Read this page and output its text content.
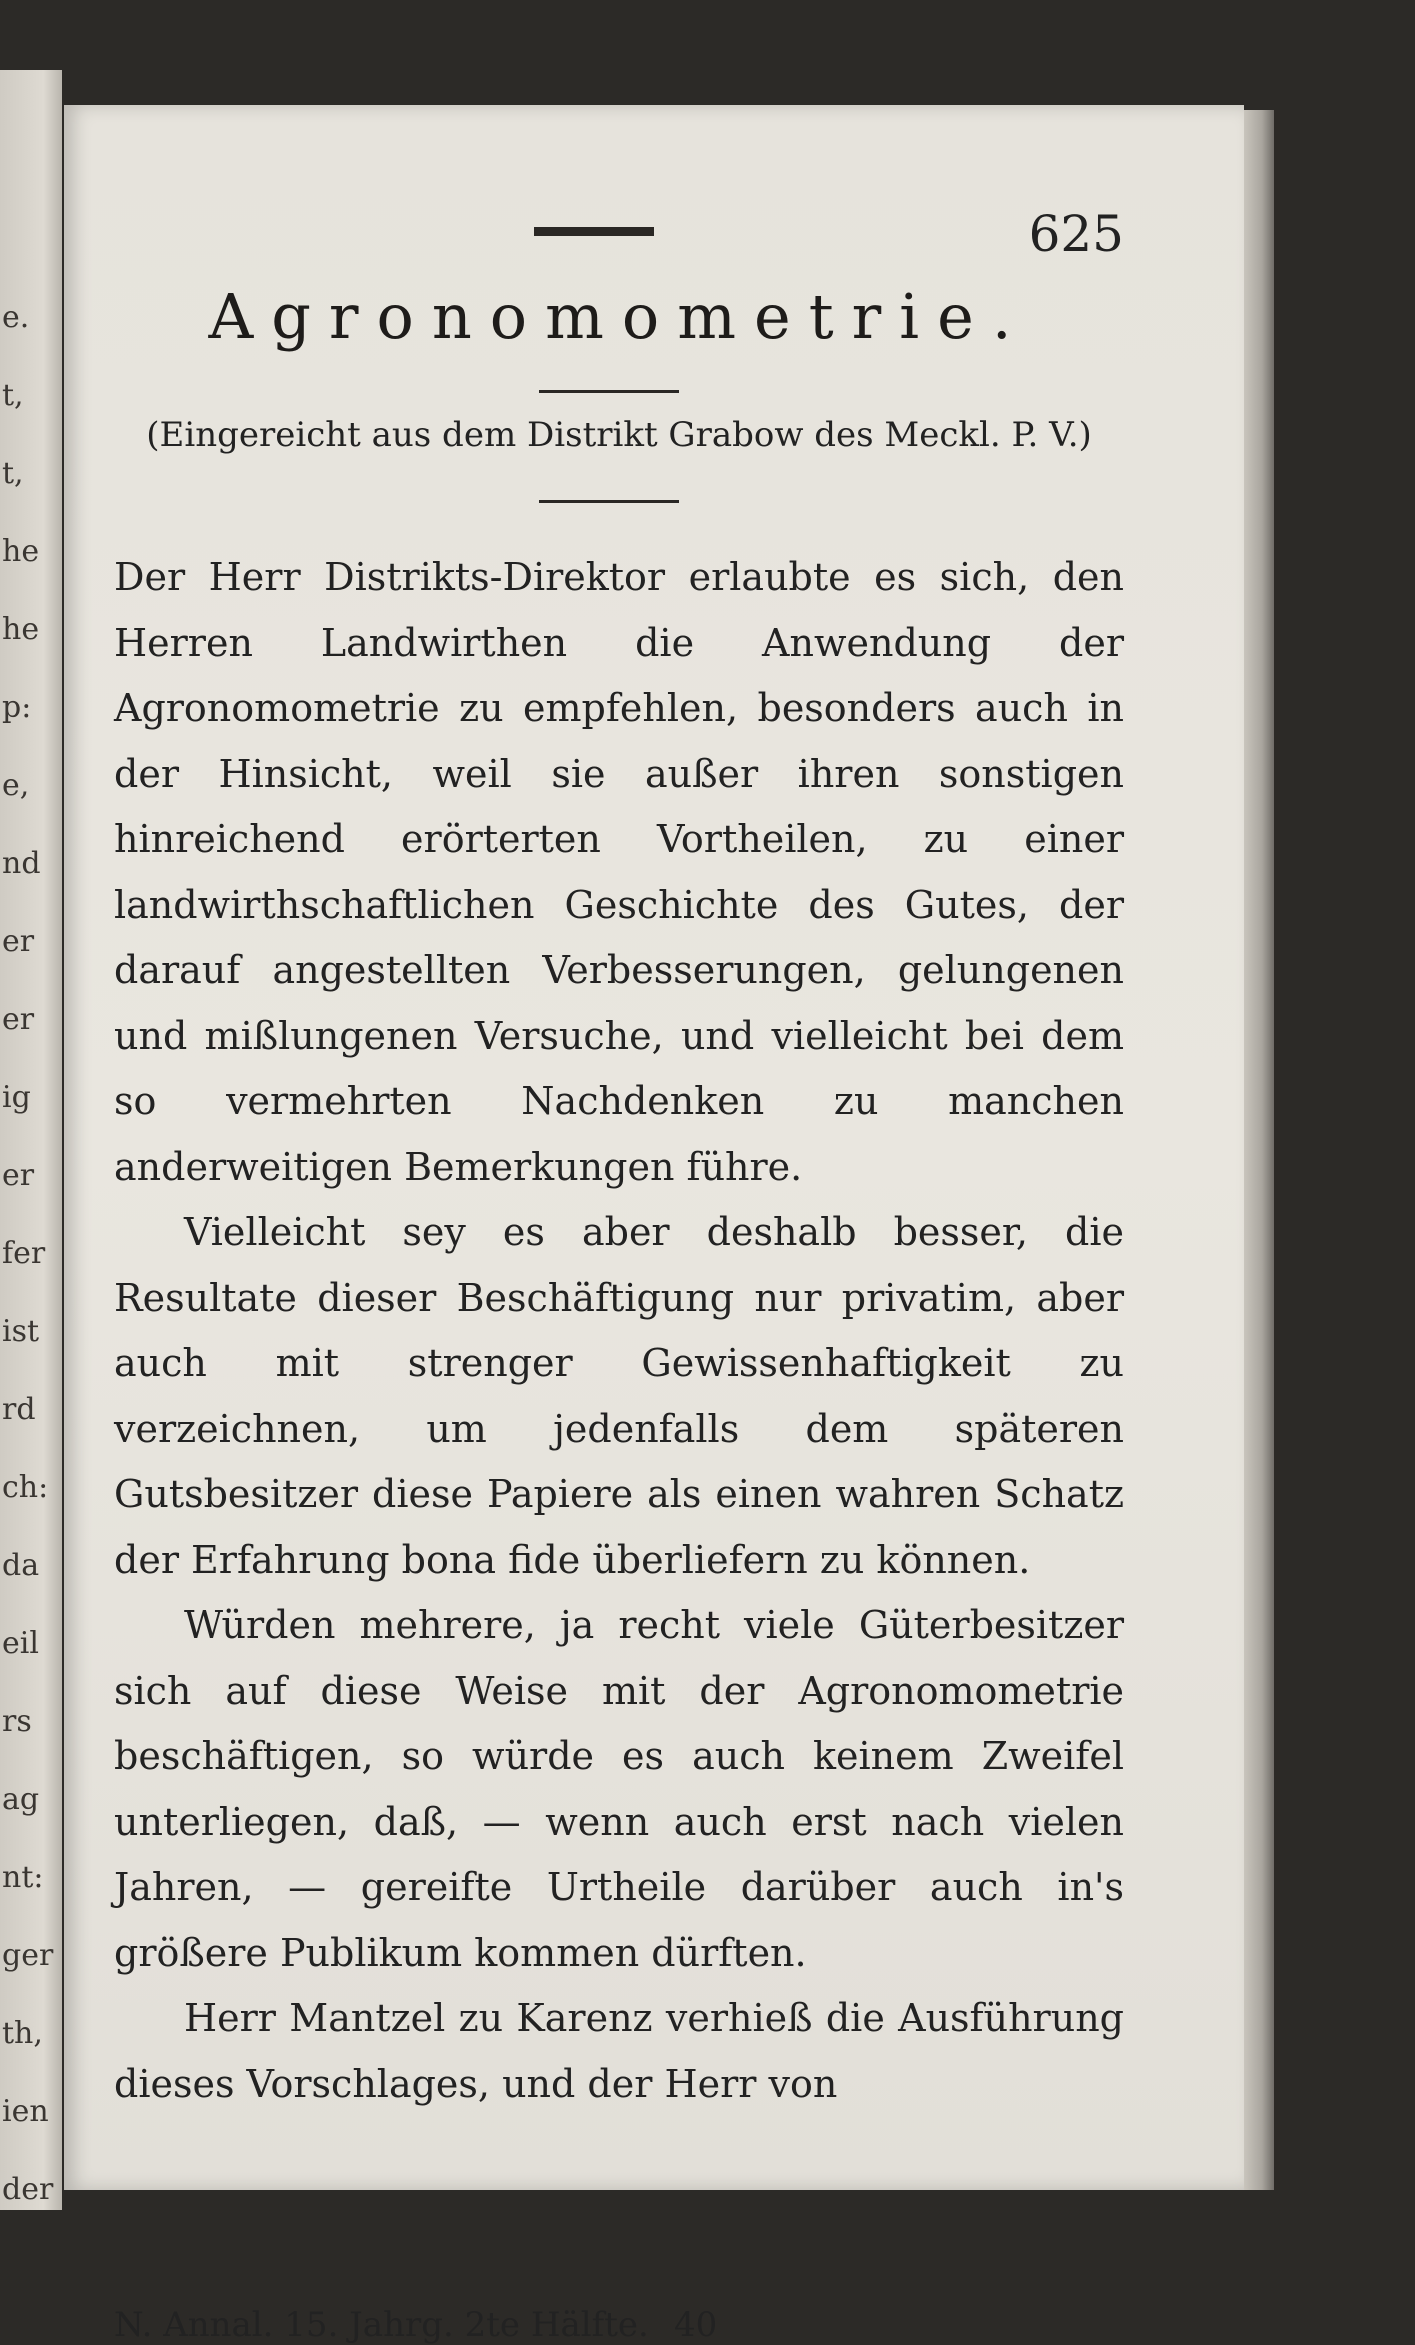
e.
t,
t,
he
he
p:
e,
nd
er
er
ig
er
fer
ist
rd
ch:
da
eil
rs
ag
nt:
ger
th,
ien
der
625
Agronomometrie.
(Eingereicht aus dem Distrikt Grabow des Meckl. P. V.)

Der Herr Distrikts-Direktor erlaubte es sich, den Herren Landwirthen die Anwendung der Agronomometrie zu empfehlen, besonders auch in der Hinsicht, weil sie außer ihren sonstigen hinreichend erörterten Vortheilen, zu einer landwirthschaftlichen Geschichte des Gutes, der darauf angestellten Verbesserungen, gelungenen und mißlungenen Versuche, und vielleicht bei dem so vermehrten Nachdenken zu manchen anderweitigen Bemerkungen führe.

Vielleicht sey es aber deshalb besser, die Resultate dieser Beschäftigung nur privatim, aber auch mit strenger Gewissenhaftigkeit zu verzeichnen, um jedenfalls dem späteren Gutsbesitzer diese Papiere als einen wahren Schatz der Erfahrung bona fide überliefern zu können.

Würden mehrere, ja recht viele Güterbesitzer sich auf diese Weise mit der Agronomometrie beschäftigen, so würde es auch keinem Zweifel unterliegen, daß, — wenn auch erst nach vielen Jahren, — gereifte Urtheile darüber auch in's größere Publikum kommen dürften.

Herr Mantzel zu Karenz verhieß die Ausführung dieses Vorschlages, und der Herr von

N. Annal. 15. Jahrg. 2te Hälfte. 40
